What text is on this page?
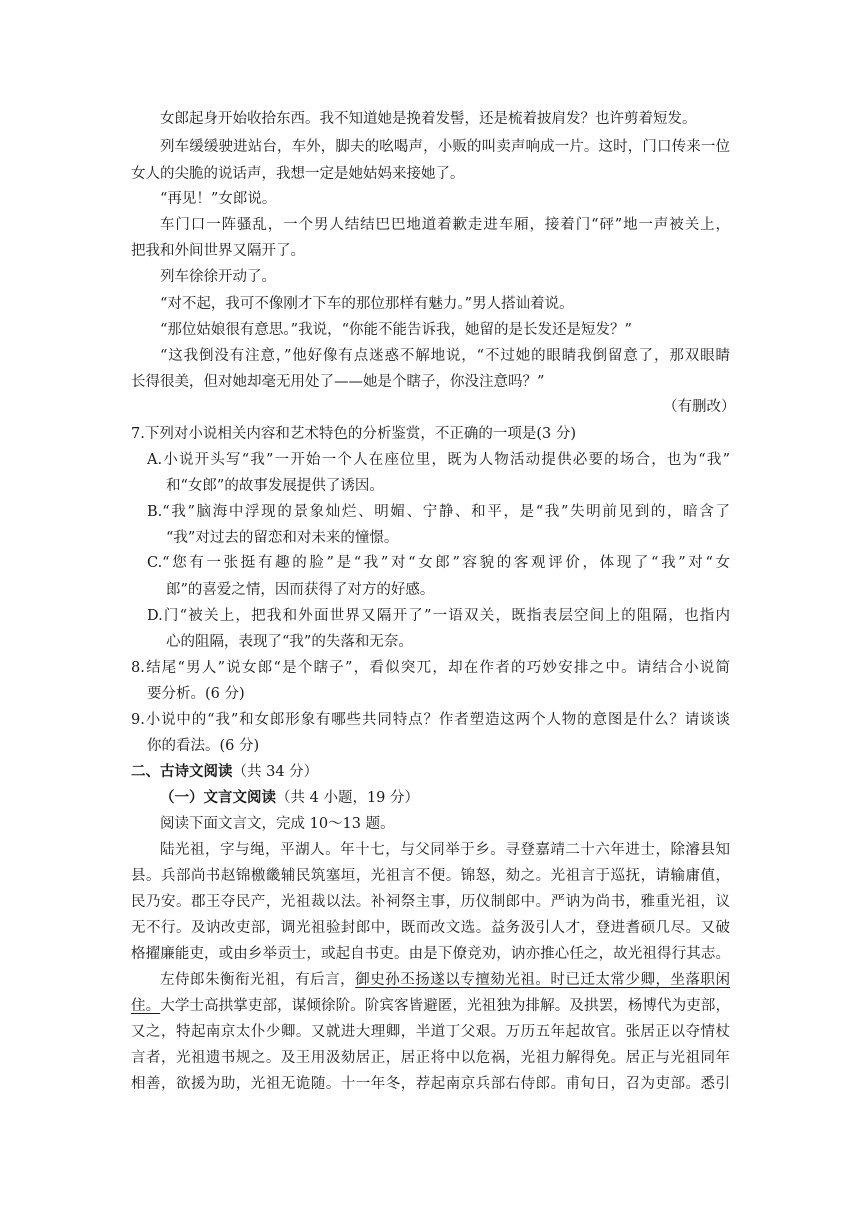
女郎起身开始收拾东西。我不知道她是挽着发髻，还是梳着披肩发？也许剪着短发。
列车缓缓驶进站台，车外，脚夫的吆喝声，小贩的叫卖声响成一片。这时，门口传来一位
女人的尖脆的说话声，我想一定是她姑妈来接她了。
“再见！”女郎说。
车门口一阵骚乱，一个男人结结巴巴地道着歉走进车厢，接着门“砰”地一声被关上，
把我和外间世界又隔开了。
列车徐徐开动了。
“对不起，我可不像刚才下车的那位那样有魅力。”男人搭讪着说。
“那位姑娘很有意思。”我说，“你能不能告诉我，她留的是长发还是短发？”
“这我倒没有注意，”他好像有点迷惑不解地说，“不过她的眼睛我倒留意了，那双眼睛
长得很美，但对她却毫无用处了——她是个瞎子，你没注意吗？”
（有删改）
7.下列对小说相关内容和艺术特色的分析鉴赏，不正确的一项是(3 分)
A.小说开头写“我”一开始一个人在座位里，既为人物活动提供必要的场合，也为“我”
和“女郎”的故事发展提供了诱因。
B.“我”脑海中浮现的景象灿烂、明媚、宁静、和平，是“我”失明前见到的，暗含了
“我”对过去的留恋和对未来的憧憬。
C.“您有一张挺有趣的脸”是“我”对“女郎”容貌的客观评价，体现了“我”对“女
郎”的喜爱之情，因而获得了对方的好感。
D.门“被关上，把我和外面世界又隔开了”一语双关，既指表层空间上的阻隔，也指内
心的阻隔，表现了“我”的失落和无奈。
8.结尾“男人”说女郎“是个瞎子”，看似突兀，却在作者的巧妙安排之中。请结合小说简
要分析。(6 分)
9.小说中的“我”和女郎形象有哪些共同特点？作者塑造这两个人物的意图是什么？请谈谈
你的看法。(6 分)
二、古诗文阅读（共 34 分）
（一）文言文阅读（共 4 小题，19 分）
阅读下面文言文，完成 10～13 题。
陆光祖，字与绳，平湖人。年十七，与父同举于乡。寻登嘉靖二十六年进士，除濬县知
县。兵部尚书赵锦檄畿辅民筑塞垣，光祖言不便。锦怒，劾之。光祖言于巡抚，请输庸值，
民乃安。郡王夺民产，光祖裁以法。补祠祭主事，历仪制郎中。严讷为尚书，雅重光祖，议
无不行。及讷改吏部，调光祖验封郎中，既而改文选。益务汲引人才，登进耆硕几尽。又破
格擢廉能吏，或由乡举贡士，或起自书吏。由是下僚竞劝，讷亦推心任之，故光祖得行其志。
左侍郎朱衡衔光祖，有后言，御史孙丕扬遂以专擅劾光祖。时已迁太常少卿，坐落职闲
住。大学士高拱掌吏部，谋倾徐阶。阶宾客皆避匿，光祖独为排解。及拱罢，杨博代为吏部，
又之，特起南京太仆少卿。又就进大理卿，半道丁父艰。万历五年起故官。张居正以夺情杖
言者，光祖遗书规之。及王用汲劾居正，居正将中以危祸，光祖力解得免。居正与光祖同年
相善，欲援为助，光祖无诡随。十一年冬，荐起南京兵部右侍郎。甫旬日，召为吏部。悉引
